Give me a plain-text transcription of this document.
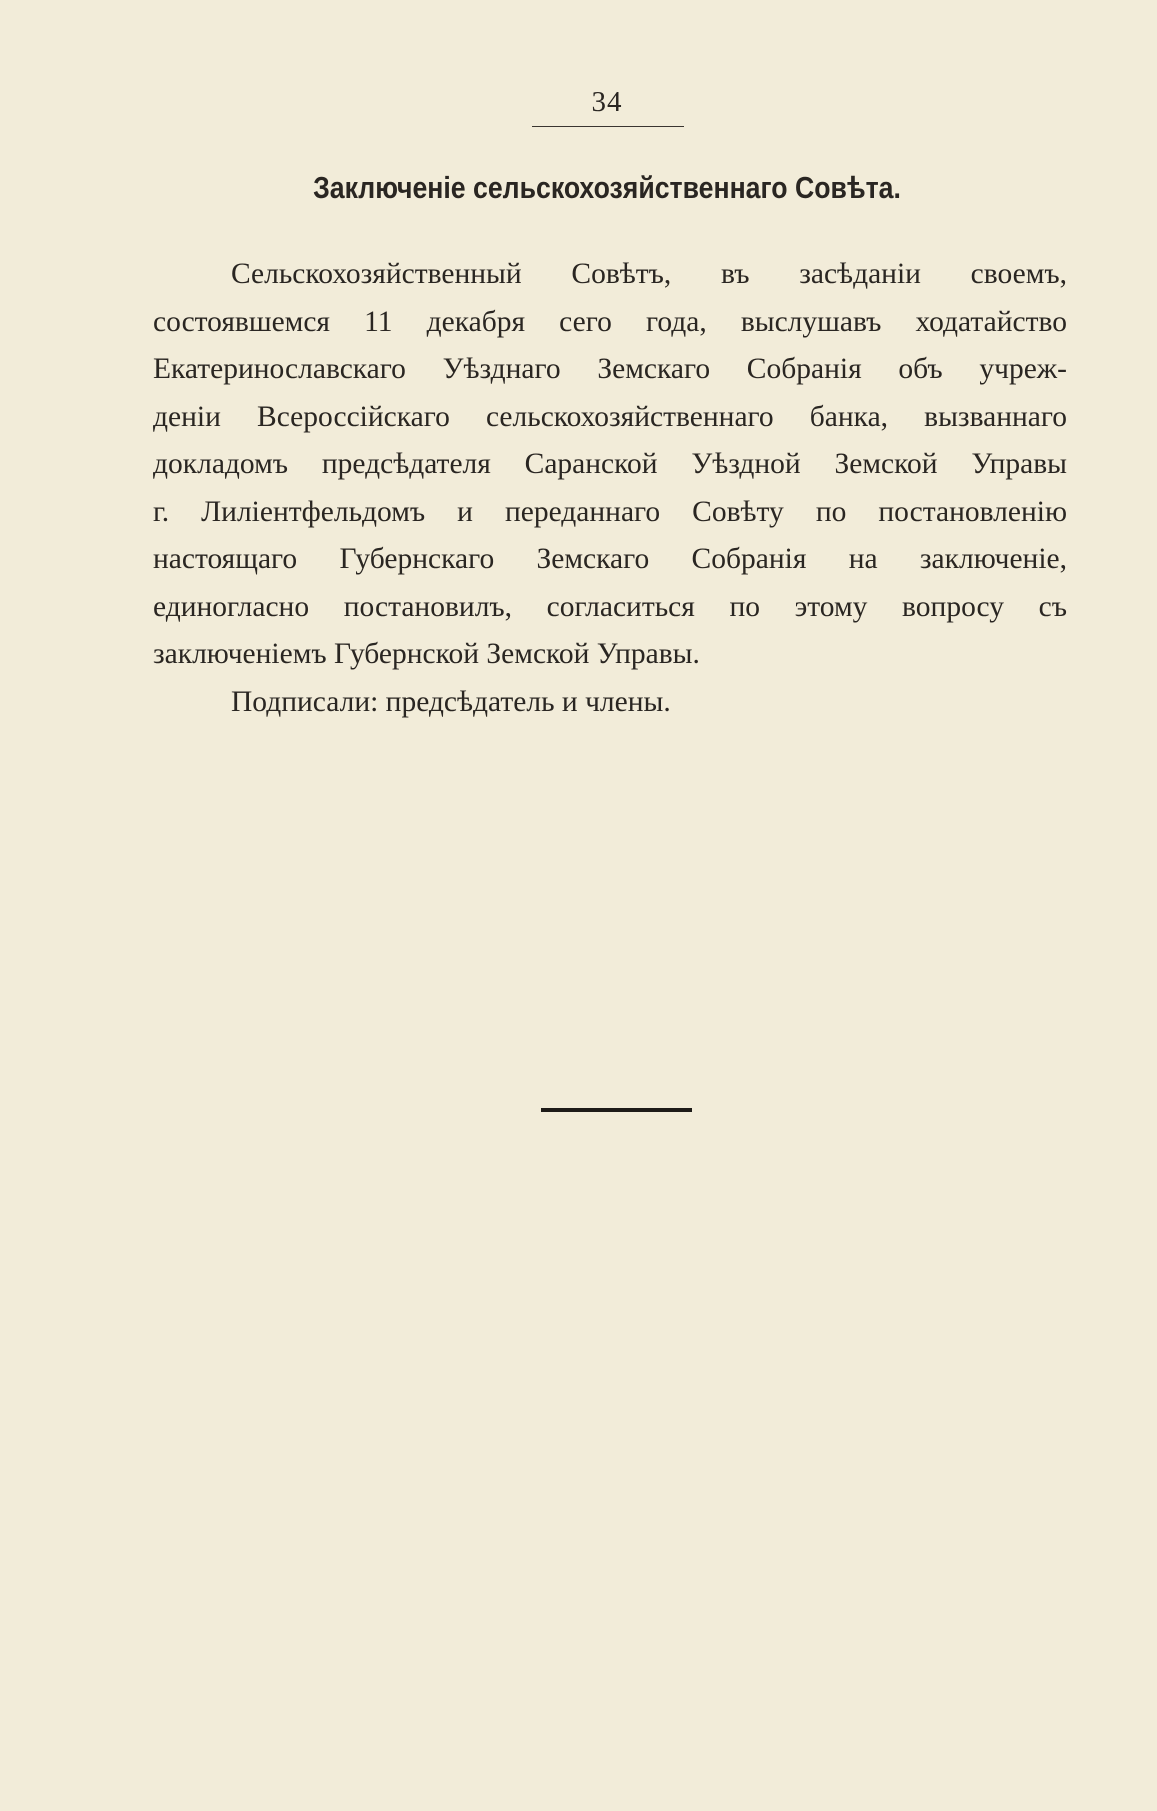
34
Заключеніе сельскохозяйственнаго Совѣта.
Сельскохозяйственный Совѣтъ, въ засѣданіи своемъ,
состоявшемся 11 декабря сего года, выслушавъ ходатайство
Екатеринославскаго Уѣзднаго Земскаго Собранія объ учреж-
деніи Всероссійскаго сельскохозяйственнаго банка, вызваннаго
докладомъ предсѣдателя Саранской Уѣздной Земской Управы
г. Лиліентфельдомъ и переданнаго Совѣту по постановленію
настоящаго Губернскаго Земскаго Собранія на заключеніе,
единогласно постановилъ, согласиться по этому вопросу съ
заключеніемъ Губернской Земской Управы.
Подписали: предсѣдатель и члены.
